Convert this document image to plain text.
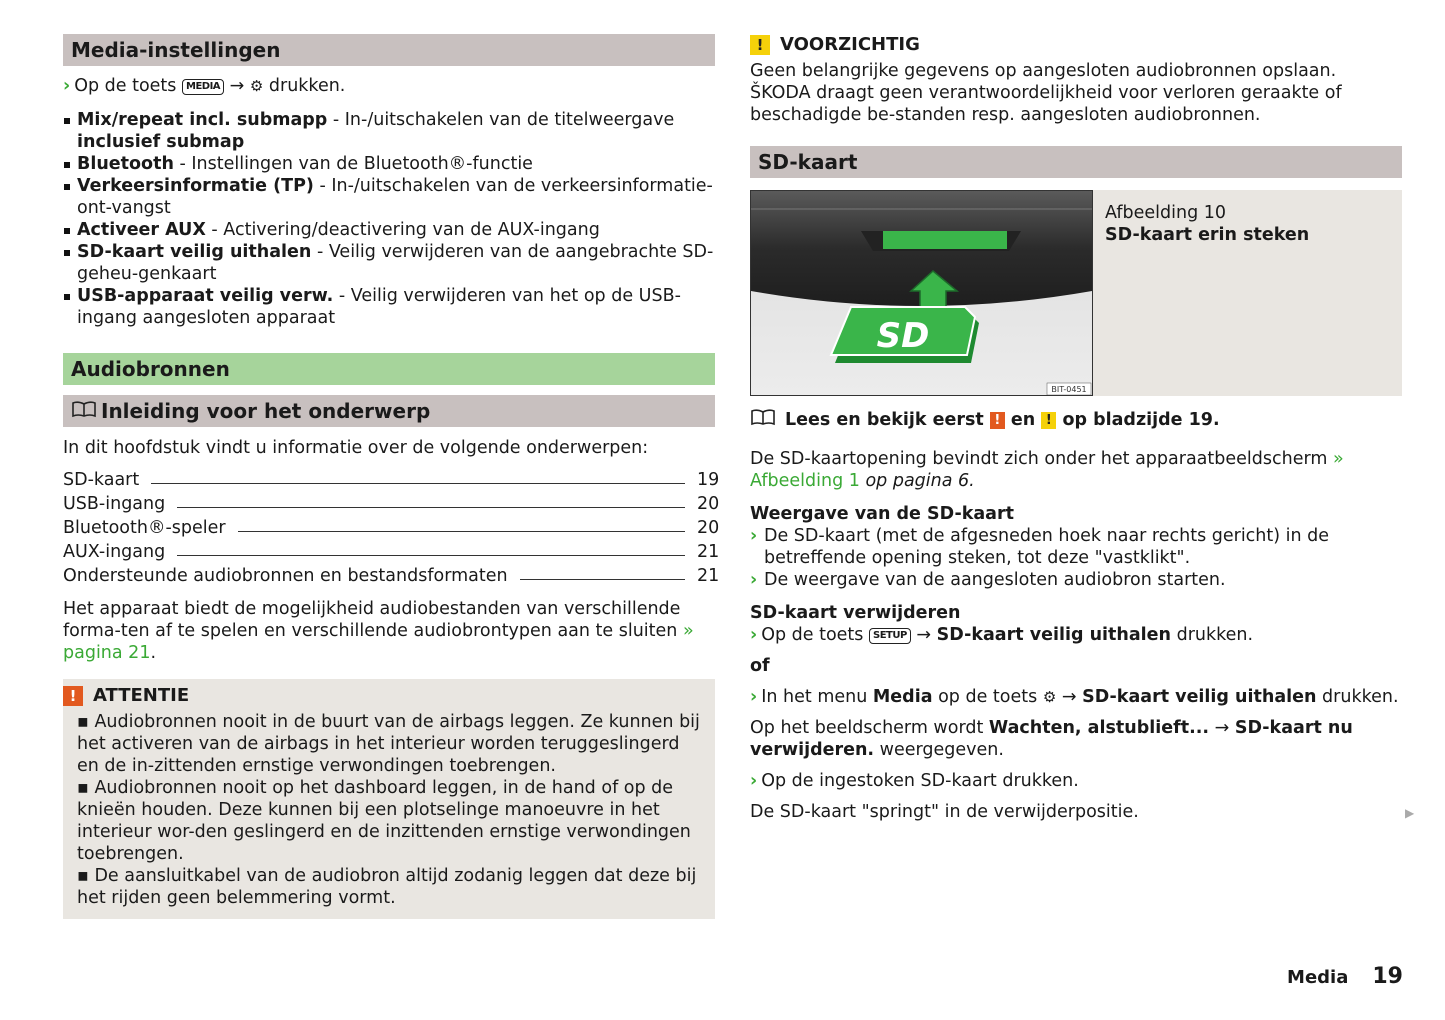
Media-instellingen
› Op de toets MEDIA → ⚙ drukken.
Mix/repeat incl. submapp - In-/uitschakelen van de titelweergave inclusief submap
Bluetooth - Instellingen van de Bluetooth®-functie
Verkeersinformatie (TP) - In-/uitschakelen van de verkeersinformatie-ont-vangst
Activeer AUX - Activering/deactivering van de AUX-ingang
SD-kaart veilig uithalen - Veilig verwijderen van de aangebrachte SD-geheu-genkaart
USB-apparaat veilig verw. - Veilig verwijderen van het op de USB-ingang aangesloten apparaat
Audiobronnen
Inleiding voor het onderwerp
In dit hoofdstuk vindt u informatie over de volgende onderwerpen:
SD-kaart	19
USB-ingang	20
Bluetooth®-speler	20
AUX-ingang	21
Ondersteunde audiobronnen en bestandsformaten	21
Het apparaat biedt de mogelijkheid audiobestanden van verschillende forma-ten af te spelen en verschillende audiobrontypen aan te sluiten » pagina 21.
! ATTENTIE
▪ Audiobronnen nooit in de buurt van de airbags leggen. Ze kunnen bij het activeren van de airbags in het interieur worden teruggeslingerd en de in-zittenden ernstige verwondingen toebrengen.
▪ Audiobronnen nooit op het dashboard leggen, in de hand of op de knieën houden. Deze kunnen bij een plotselinge manoeuvre in het interieur wor-den geslingerd en de inzittenden ernstige verwondingen toebrengen.
▪ De aansluitkabel van de audiobron altijd zodanig leggen dat deze bij het rijden geen belemmering vormt.
! VOORZICHTIG
Geen belangrijke gegevens op aangesloten audiobronnen opslaan. ŠKODA draagt geen verantwoordelijkheid voor verloren geraakte of beschadigde be-standen resp. aangesloten audiobronnen.
SD-kaart
SD
BIT-0451
Afbeelding 10
SD-kaart erin steken
Lees en bekijk eerst
!
en
!
op bladzijde 19.
De SD-kaartopening bevindt zich onder het apparaatbeeldscherm » Afbeelding 1 op pagina 6.
Weergave van de SD-kaart
› De SD-kaart (met de afgesneden hoek naar rechts gericht) in de betreffende opening steken, tot deze "vastklikt".
› De weergave van de aangesloten audiobron starten.
SD-kaart verwijderen
› Op de toets SETUP → SD-kaart veilig uithalen drukken.
of
› In het menu Media op de toets ⚙ → SD-kaart veilig uithalen drukken.
Op het beeldscherm wordt Wachten, alstublieft... → SD-kaart nu verwijderen. weergegeven.
› Op de ingestoken SD-kaart drukken.
De SD-kaart "springt" in de verwijderpositie.	▶
Media 19
